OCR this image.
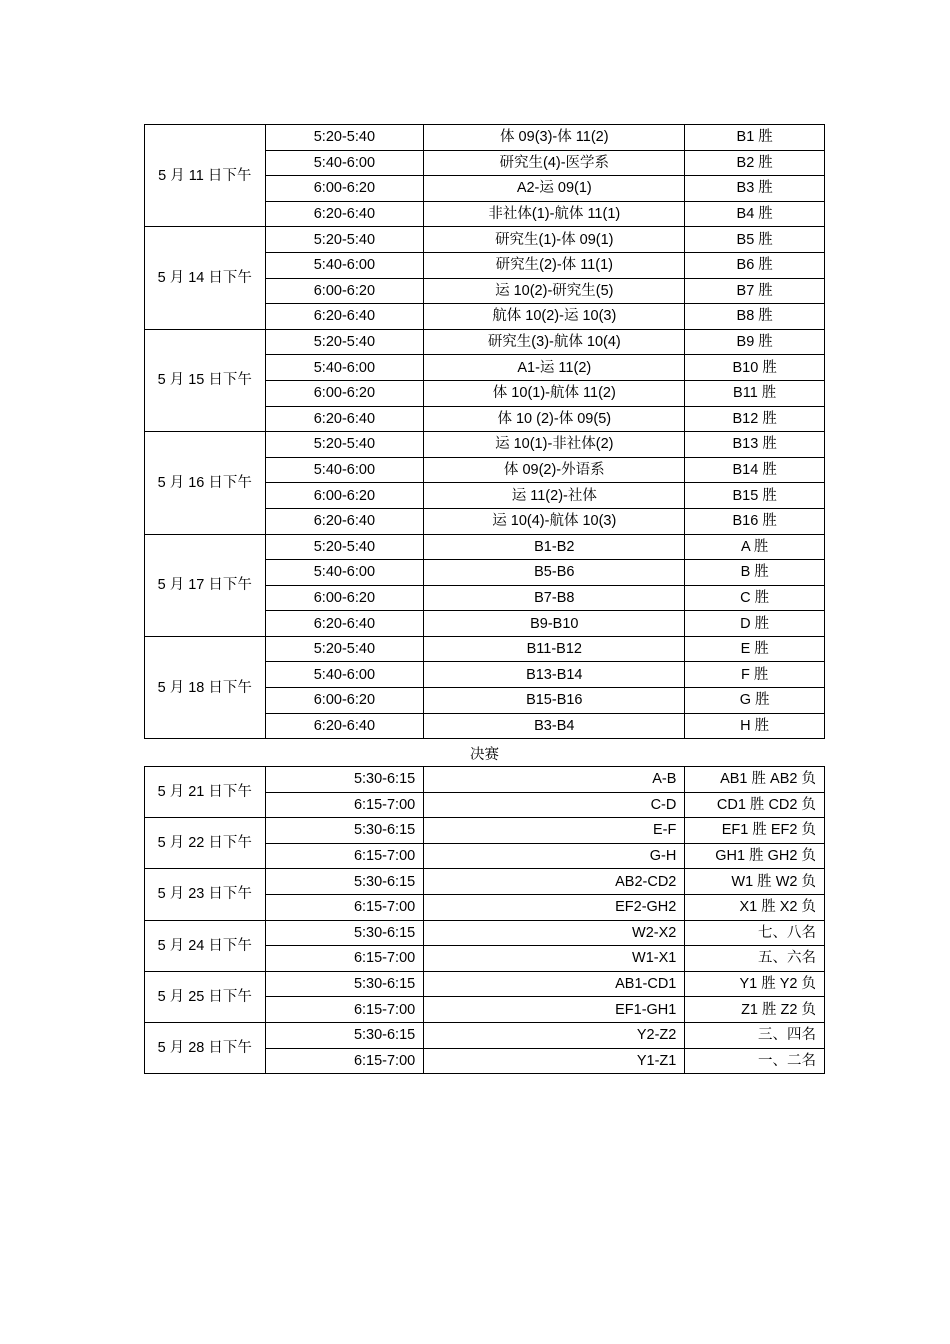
5 月 11 日下午	5:20-5:40	体 09(3)-体 11(2)	B1 胜
	5:40-6:00	研究生(4)-医学系	B2 胜
	6:00-6:20	A2-运 09(1)	B3 胜
	6:20-6:40	非社体(1)-航体 11(1)	B4 胜
5 月 14 日下午	5:20-5:40	研究生(1)-体 09(1)	B5 胜
	5:40-6:00	研究生(2)-体 11(1)	B6 胜
	6:00-6:20	运 10(2)-研究生(5)	B7 胜
	6:20-6:40	航体 10(2)-运 10(3)	B8 胜
5 月 15 日下午	5:20-5:40	研究生(3)-航体 10(4)	B9 胜
	5:40-6:00	A1-运 11(2)	B10 胜
	6:00-6:20	体 10(1)-航体 11(2)	B11 胜
	6:20-6:40	体 10 (2)-体 09(5)	B12 胜
5 月 16 日下午	5:20-5:40	运 10(1)-非社体(2)	B13 胜
	5:40-6:00	体 09(2)-外语系	B14 胜
	6:00-6:20	运 11(2)-社体	B15 胜
	6:20-6:40	运 10(4)-航体 10(3)	B16 胜
5 月 17 日下午	5:20-5:40	B1-B2	A 胜
	5:40-6:00	B5-B6	B 胜
	6:00-6:20	B7-B8	C 胜
	6:20-6:40	B9-B10	D 胜
5 月 18 日下午	5:20-5:40	B11-B12	E 胜
	5:40-6:00	B13-B14	F 胜
	6:00-6:20	B15-B16	G 胜
	6:20-6:40	B3-B4	H 胜
决赛
5 月 21 日下午	5:30-6:15	A-B	AB1 胜 AB2 负
	6:15-7:00	C-D	CD1 胜 CD2 负
5 月 22 日下午	5:30-6:15	E-F	EF1 胜 EF2 负
	6:15-7:00	G-H	GH1 胜 GH2 负
5 月 23 日下午	5:30-6:15	AB2-CD2	W1 胜 W2 负
	6:15-7:00	EF2-GH2	X1 胜 X2 负
5 月 24 日下午	5:30-6:15	W2-X2	七、八名
	6:15-7:00	W1-X1	五、六名
5 月 25 日下午	5:30-6:15	AB1-CD1	Y1 胜 Y2 负
	6:15-7:00	EF1-GH1	Z1 胜 Z2 负
5 月 28 日下午	5:30-6:15	Y2-Z2	三、四名
	6:15-7:00	Y1-Z1	一、二名
